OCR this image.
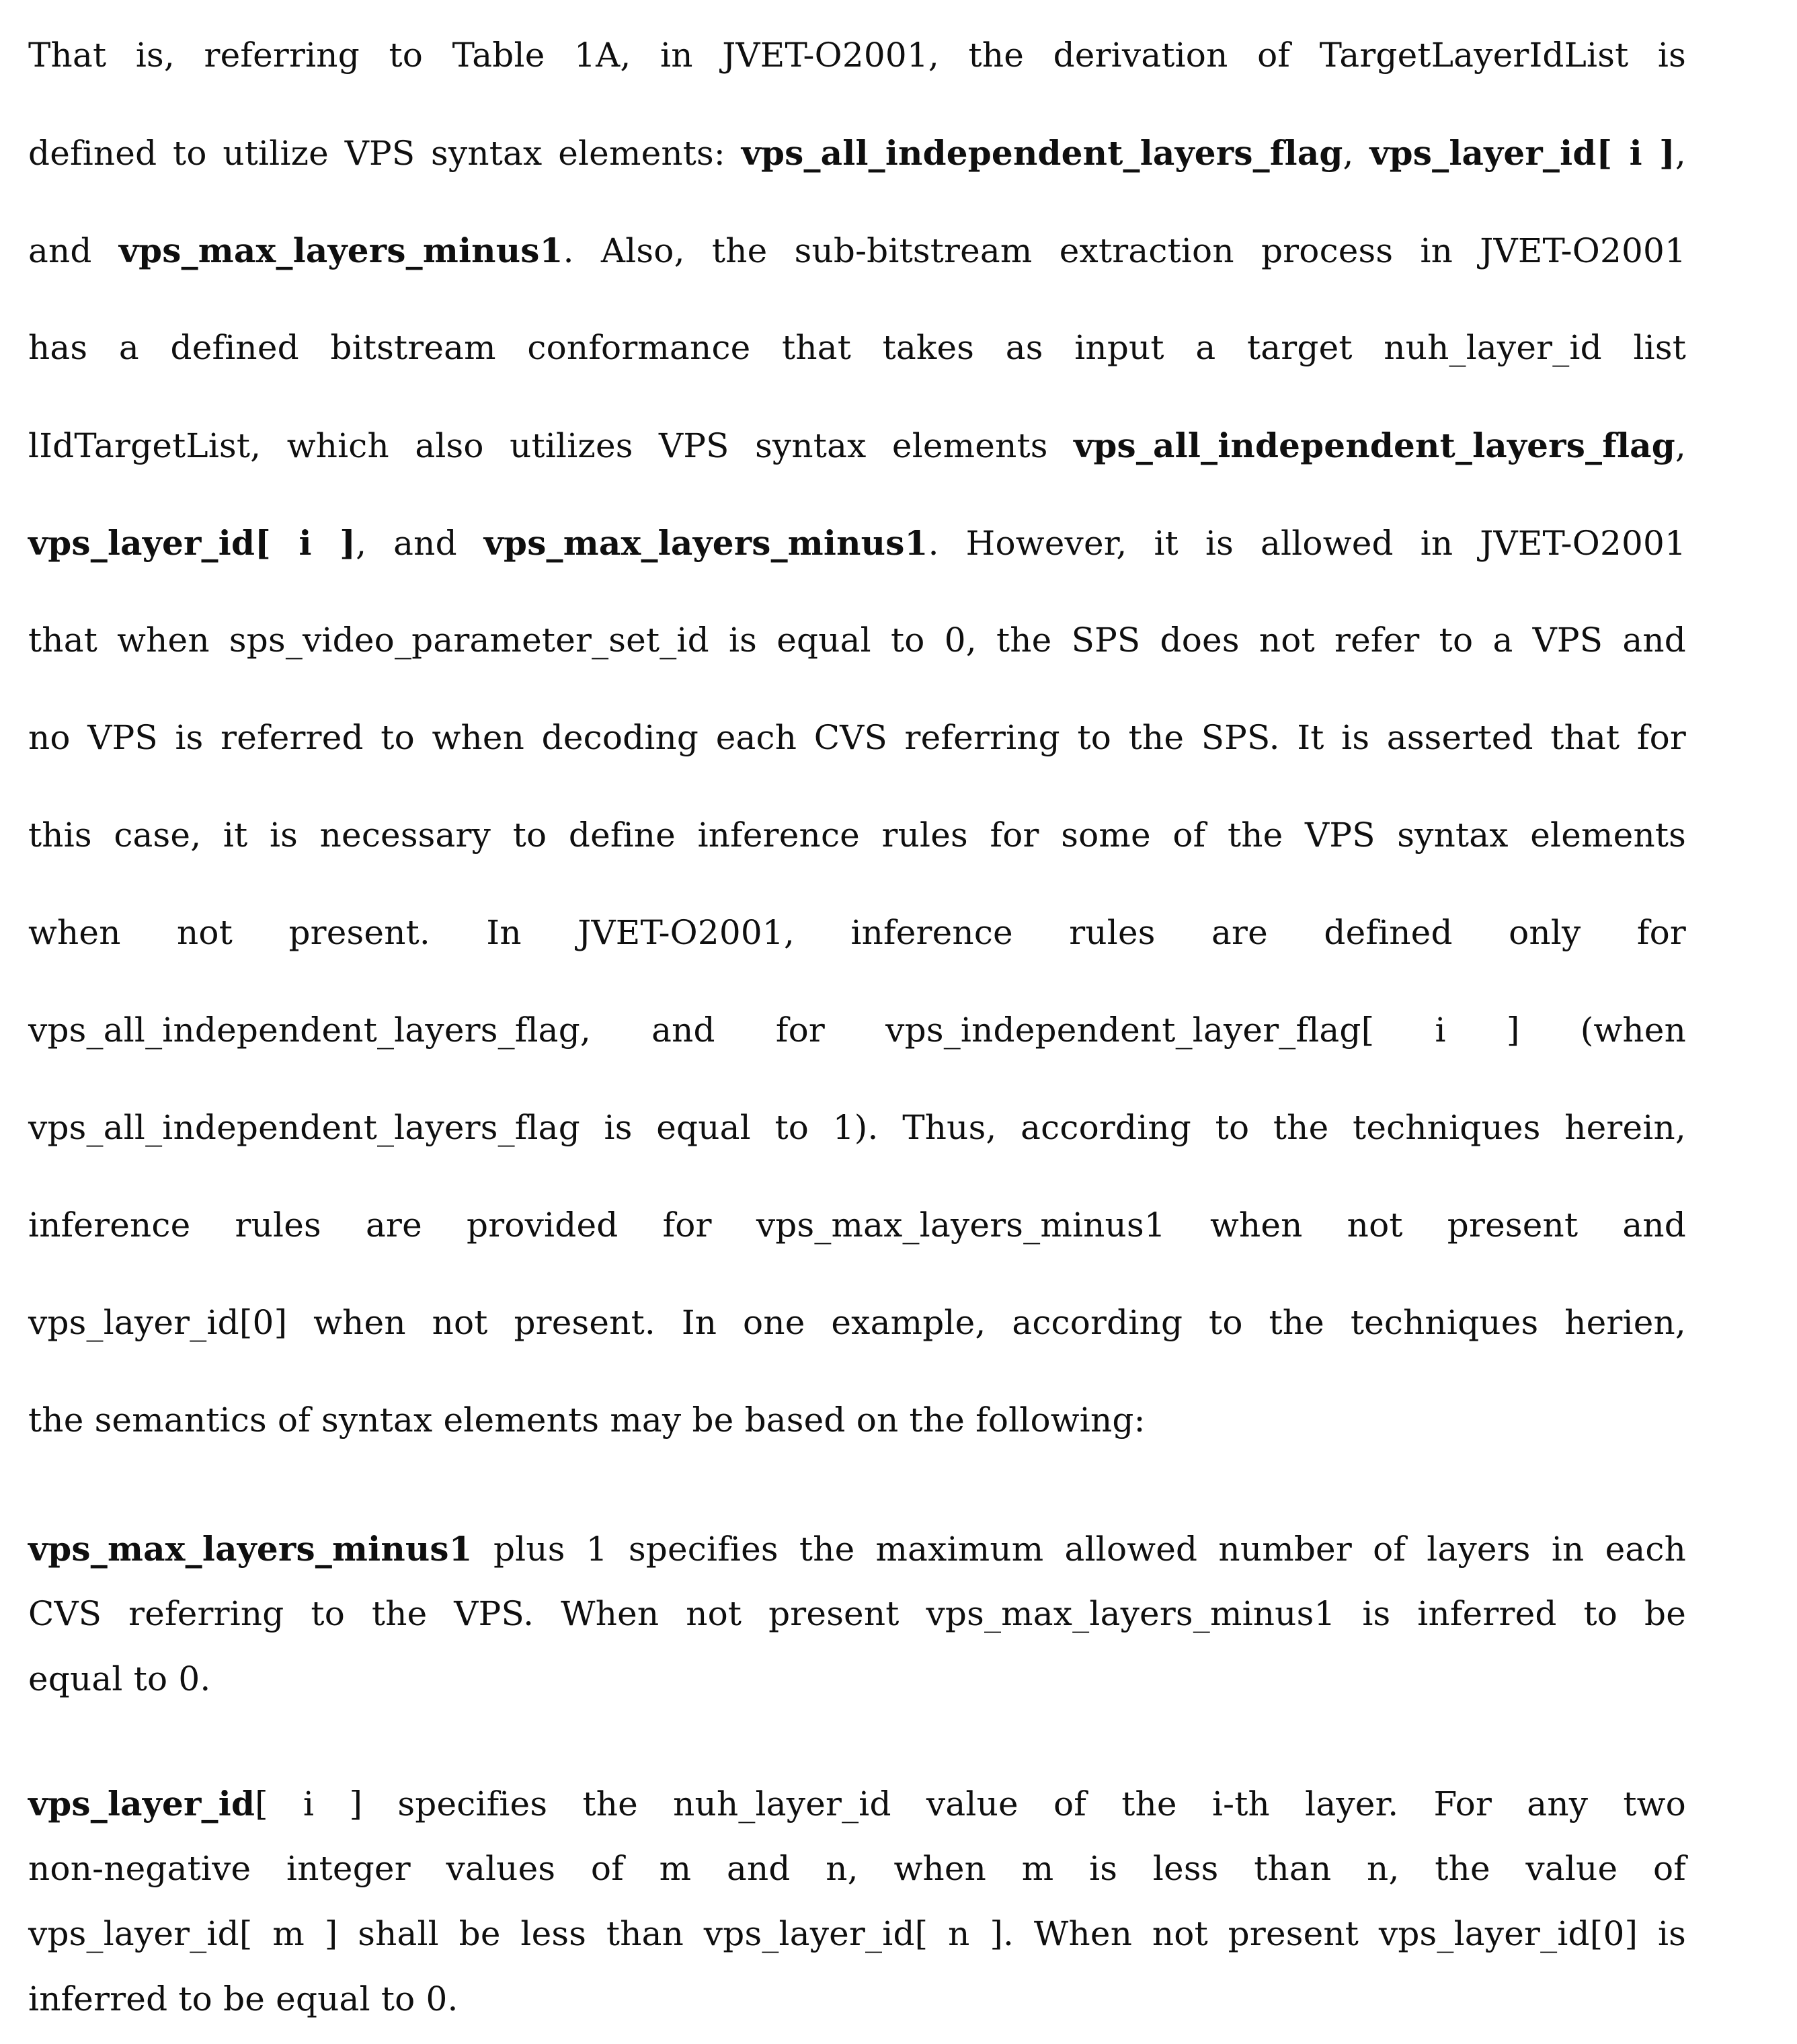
That is, referring to Table 1A, in JVET-O2001, the derivation of TargetLayerIdList is
defined to utilize VPS syntax elements: vps_all_independent_layers_flag, vps_layer_id[ i ],
and vps_max_layers_minus1. Also, the sub-bitstream extraction process in JVET-O2001
has a defined bitstream conformance that takes as input a target nuh_layer_id list
lIdTargetList, which also utilizes VPS syntax elements vps_all_independent_layers_flag,
vps_layer_id[ i ], and vps_max_layers_minus1. However, it is allowed in JVET-O2001
that when sps_video_parameter_set_id is equal to 0, the SPS does not refer to a VPS and
no VPS is referred to when decoding each CVS referring to the SPS. It is asserted that for
this case, it is necessary to define inference rules for some of the VPS syntax elements
when not present. In JVET-O2001, inference rules are defined only for
vps_all_independent_layers_flag, and for vps_independent_layer_flag[ i ] (when
vps_all_independent_layers_flag is equal to 1). Thus, according to the techniques herein,
inference rules are provided for vps_max_layers_minus1 when not present and
vps_layer_id[0] when not present. In one example, according to the techniques herien,
the semantics of syntax elements may be based on the following:
vps_max_layers_minus1 plus 1 specifies the maximum allowed number of layers in each
CVS referring to the VPS. When not present vps_max_layers_minus1 is inferred to be
equal to 0.
vps_layer_id[ i ] specifies the nuh_layer_id value of the i-th layer. For any two
non-negative integer values of m and n, when m is less than n, the value of
vps_layer_id[ m ] shall be less than vps_layer_id[ n ]. When not present vps_layer_id[0] is
inferred to be equal to 0.
